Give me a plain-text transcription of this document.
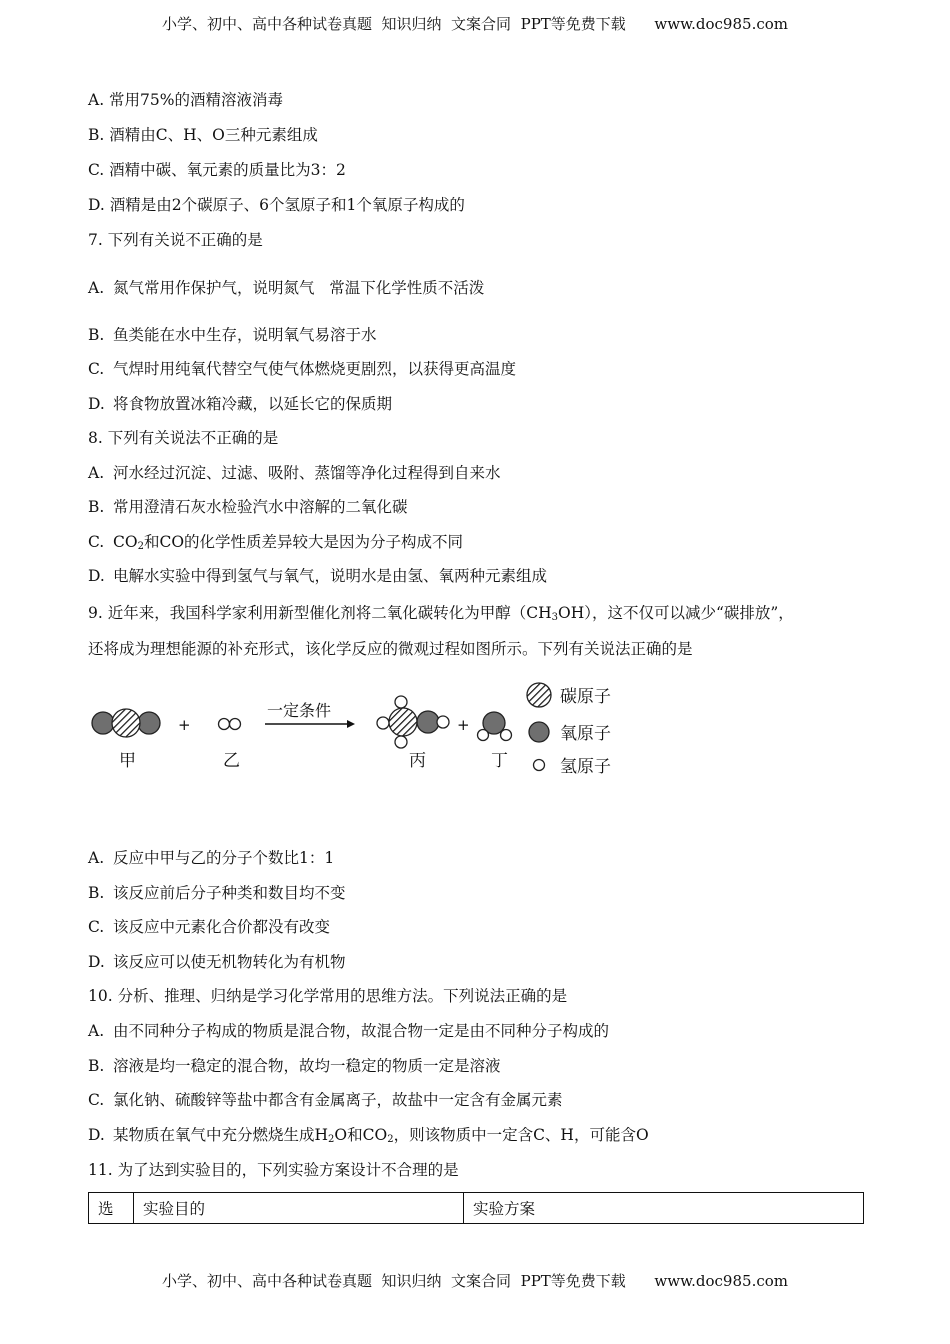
小学、初中、高中各种试卷真题  知识归纳  文案合同  PPT等免费下载      www.doc985.com
A. 常用75%的酒精溶液消毒
B. 酒精由C、H、O三种元素组成
C. 酒精中碳、氧元素的质量比为3：2
D. 酒精是由2个碳原子、6个氢原子和1个氧原子构成的
7. 下列有关说不正确的是
A. 氮气常用作保护气，说明氮气   常温下化学性质不活泼
B. 鱼类能在水中生存，说明氧气易溶于水
C. 气焊时用纯氧代替空气使气体燃烧更剧烈，以获得更高温度
D. 将食物放置冰箱冷藏，以延长它的保质期
8. 下列有关说法不正确的是
A. 河水经过沉淀、过滤、吸附、蒸馏等净化过程得到自来水
B. 常用澄清石灰水检验汽水中溶解的二氧化碳
C. $CO_2$和CO的化学性质差异较大是因为分子构成不同
D. 电解水实验中得到氢气与氧气，说明水是由氢、氧两种元素组成
9. 近年来，我国科学家利用新型催化剂将二氧化碳转化为甲醇$(CH_3OH)$，这不仅可以减少“碳排放”，
还将成为理想能源的补充形式，该化学反应的微观过程如图所示。下列有关说法正确的是
甲
+
乙
一定条件
丙
+
丁
碳原子
氧原子
氢原子
A. 反应中甲与乙的分子个数比1：1
B. 该反应前后分子种类和数目均不变
C. 该反应中元素化合价都没有改变
D. 该反应可以使无机物转化为有机物
10. 分析、推理、归纳是学习化学常用的思维方法。下列说法正确的是
A. 由不同种分子构成的物质是混合物，故混合物一定是由不同种分子构成的
B. 溶液是均一稳定的混合物，故均一稳定的物质一定是溶液
C. 氯化钠、硫酸锌等盐中都含有金属离子，故盐中一定含有金属元素
D. 某物质在氧气中充分燃烧生成$H_2O$和$CO_2$，则该物质中一定含C、H，可能含O
11. 为了达到实验目的，下列实验方案设计不合理的是
选	实验目的	实验方案
小学、初中、高中各种试卷真题  知识归纳  文案合同  PPT等免费下载      www.doc985.com
